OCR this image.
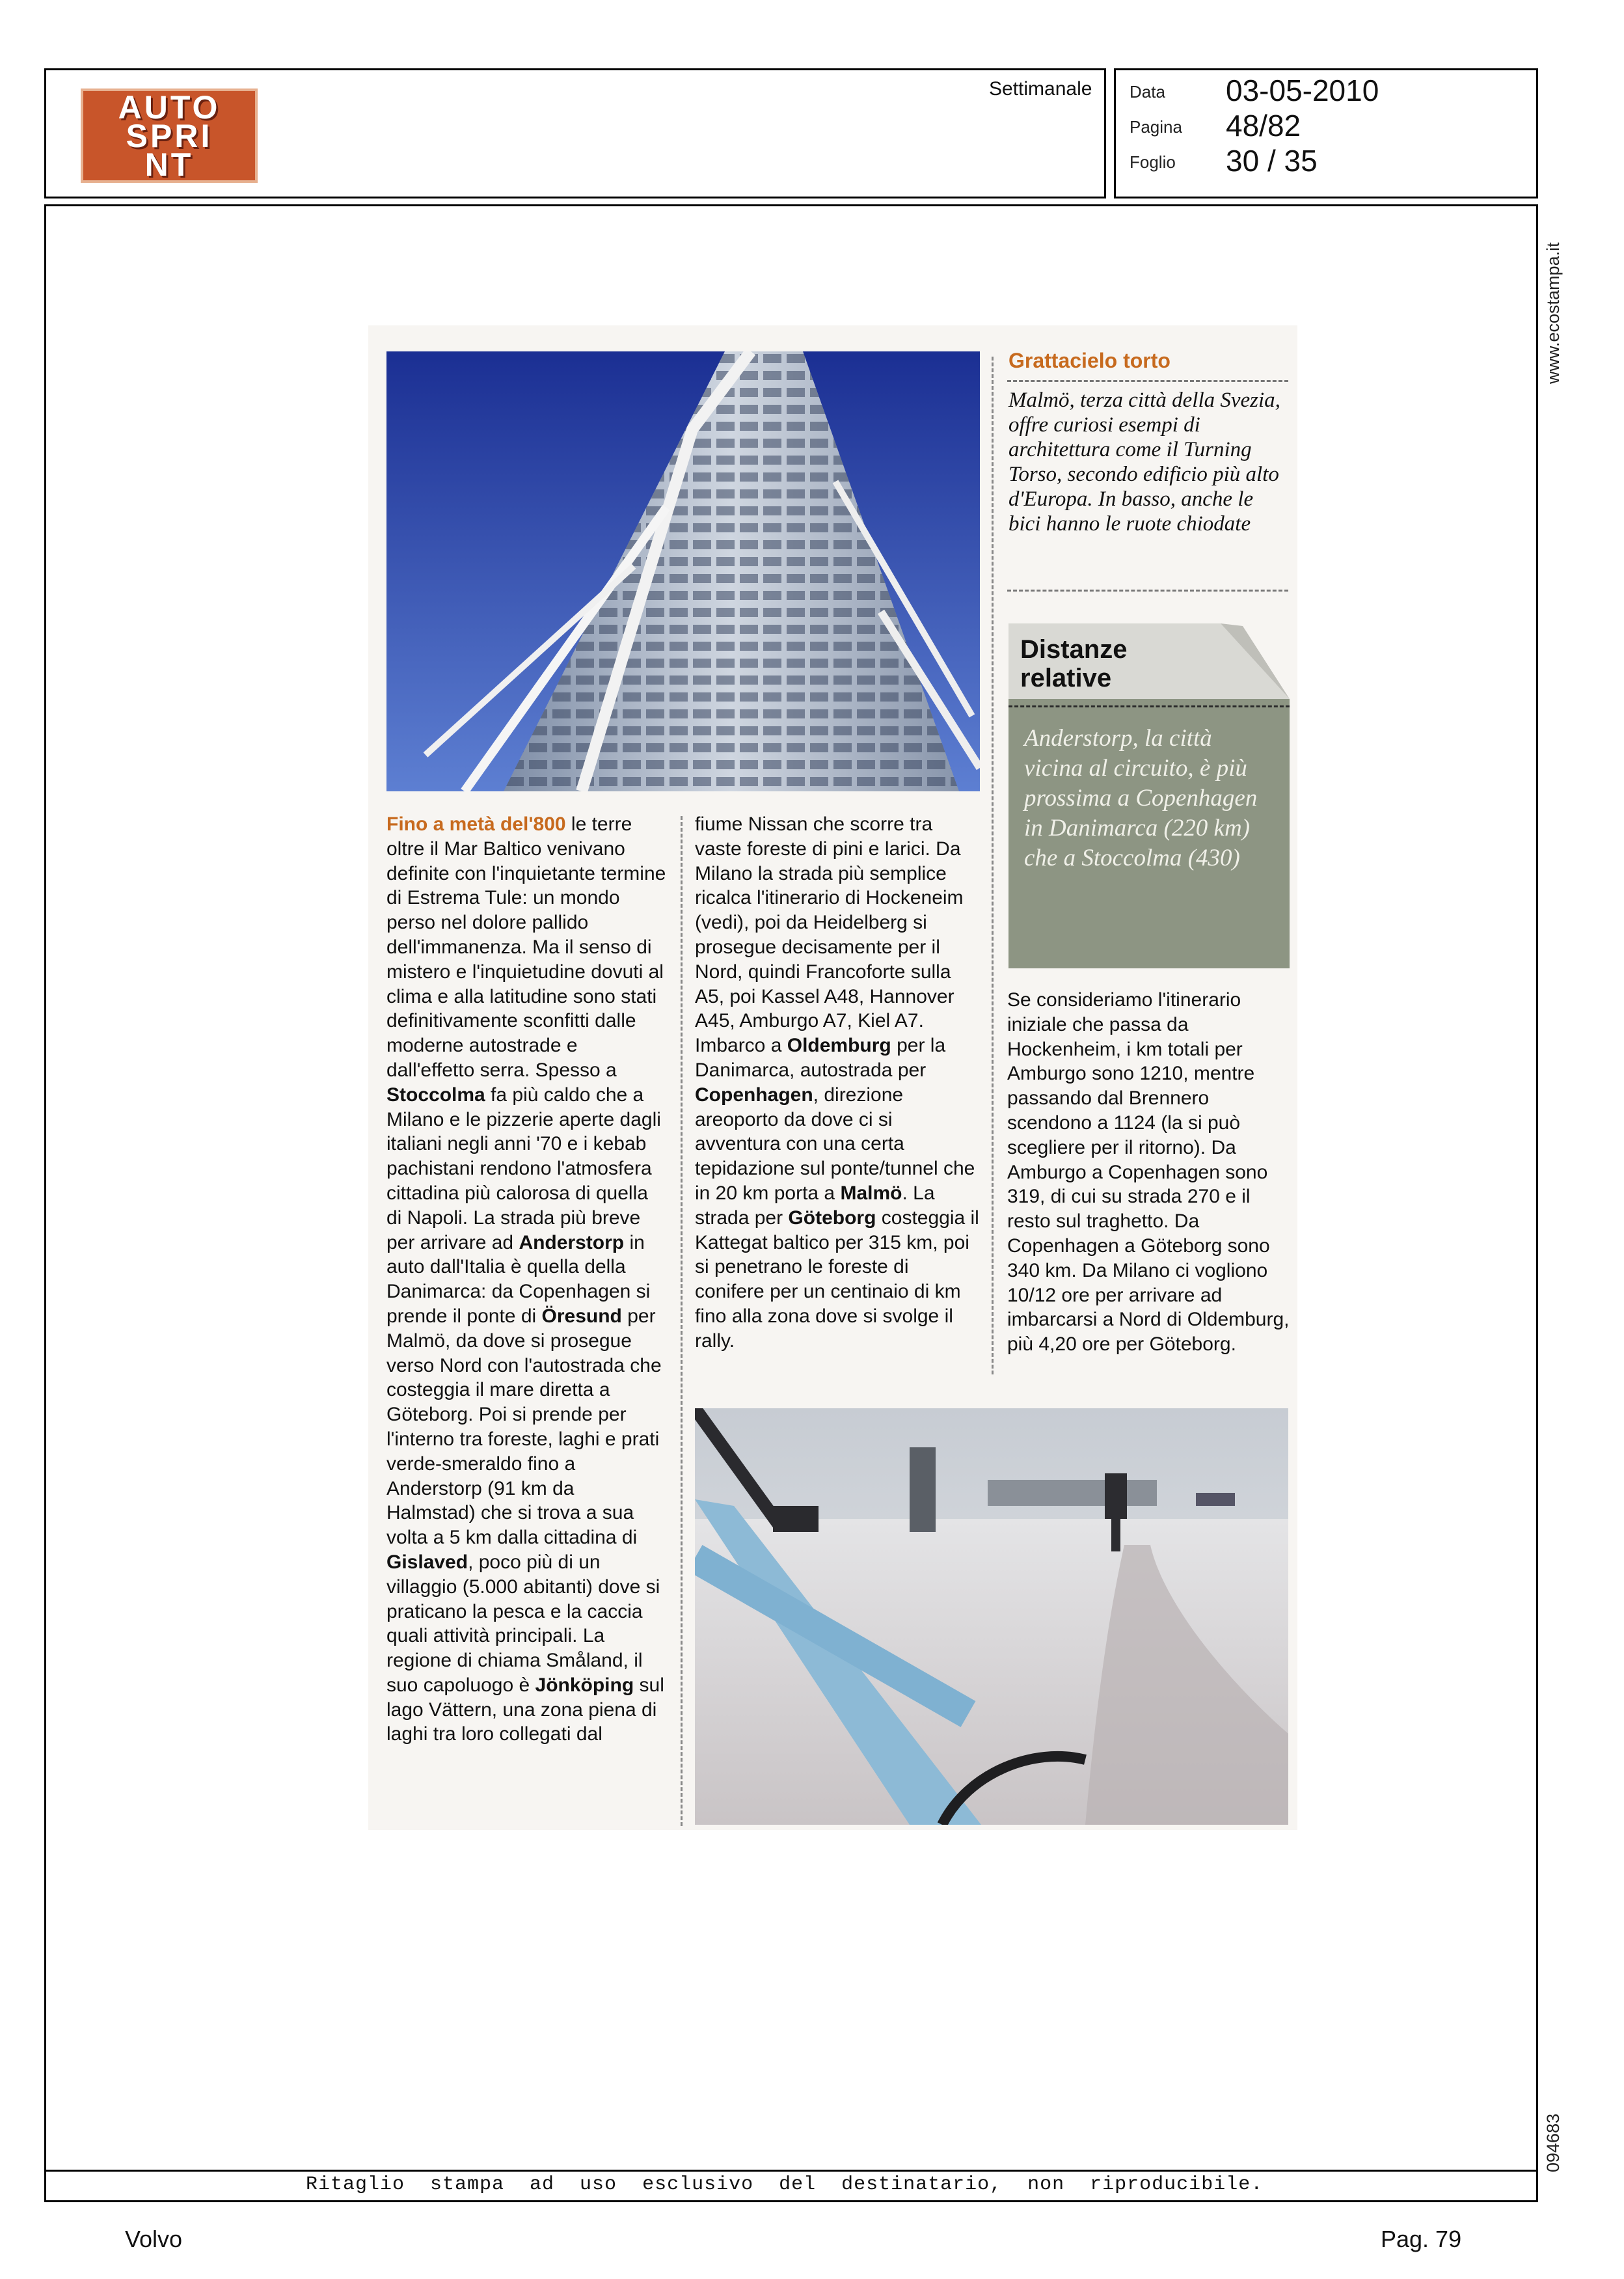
AUTO
SPRI
NT
Settimanale Data 03-05-2010
Pagina 48/82
Foglio 30 / 35
www.ecostampa.it
094683
Grattacielo torto
Malmö, terza città della Svezia, offre curiosi esempi di architettura come il Turning Torso, secondo edificio più alto d'Europa. In basso, anche le bici hanno le ruote chiodate
Distanze
relative
Anderstorp, la città vicina al circuito, è più prossima a Copenhagen in Danimarca (220 km) che a Stoccolma (430)
Fino a metà del'800 le terre oltre il Mar Baltico venivano definite con l'inquietante termine di Estrema Tule: un mondo perso nel dolore pallido dell'immanenza. Ma il senso di mistero e l'inquietudine dovuti al clima e alla latitudine sono stati definitivamente sconfitti dalle moderne autostrade e dall'effetto serra. Spesso a Stoccolma fa più caldo che a Milano e le pizzerie aperte dagli italiani negli anni '70 e i kebab pachistani rendono l'atmosfera cittadina più calorosa di quella di Napoli. La strada più breve per arrivare ad Anderstorp in auto dall'Italia è quella della Danimarca: da Copenhagen si prende il ponte di Öresund per Malmö, da dove si prosegue verso Nord con l'autostrada che costeggia il mare diretta a Göteborg. Poi si prende per l'interno tra foreste, laghi e prati verde-smeraldo fino a Anderstorp (91 km da Halmstad) che si trova a sua volta a 5 km dalla cittadina di Gislaved, poco più di un villaggio (5.000 abitanti) dove si praticano la pesca e la caccia quali attività principali. La regione di chiama Småland, il suo capoluogo è Jönköping sul lago Vättern, una zona piena di laghi tra loro collegati dal
fiume Nissan che scorre tra vaste foreste di pini e larici. Da Milano la strada più semplice ricalca l'itinerario di Hockeneim (vedi), poi da Heidelberg si prosegue decisamente per il Nord, quindi Francoforte sulla A5, poi Kassel A48, Hannover A45, Amburgo A7, Kiel A7. Imbarco a Oldemburg per la Danimarca, autostrada per Copenhagen, direzione areoporto da dove ci si avventura con una certa tepidazione sul ponte/tunnel che in 20 km porta a Malmö. La strada per Göteborg costeggia il Kattegat baltico per 315 km, poi si penetrano le foreste di conifere per un centinaio di km fino alla zona dove si svolge il rally.
Se consideriamo l'itinerario iniziale che passa da Hockenheim, i km totali per Amburgo sono 1210, mentre passando dal Brennero scendono a 1124 (la si può scegliere per il ritorno). Da Amburgo a Copenhagen sono 319, di cui su strada 270 e il resto sul traghetto. Da Copenhagen a Göteborg sono 340 km. Da Milano ci vogliono 10/12 ore per arrivare ad imbarcarsi a Nord di Oldemburg, più 4,20 ore per Göteborg.
Ritaglio stampa ad uso esclusivo del destinatario, non riproducibile.
Volvo	Pag. 79
